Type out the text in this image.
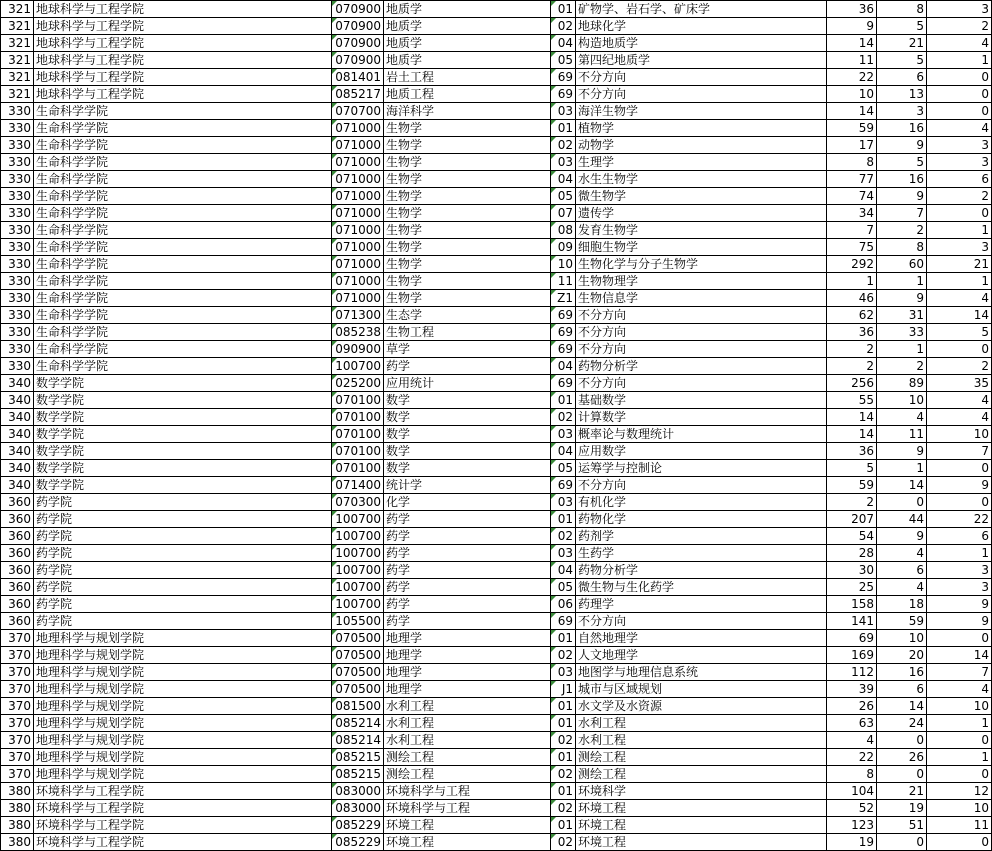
321	地球科学与工程学院	070900	地质学	01	矿物学、岩石学、矿床学	36	8	3
321	地球科学与工程学院	070900	地质学	02	地球化学	9	5	2
321	地球科学与工程学院	070900	地质学	04	构造地质学	14	21	4
321	地球科学与工程学院	070900	地质学	05	第四纪地质学	11	5	1
321	地球科学与工程学院	081401	岩土工程	69	不分方向	22	6	0
321	地球科学与工程学院	085217	地质工程	69	不分方向	10	13	0
330	生命科学学院	070700	海洋科学	03	海洋生物学	14	3	0
330	生命科学学院	071000	生物学	01	植物学	59	16	4
330	生命科学学院	071000	生物学	02	动物学	17	9	3
330	生命科学学院	071000	生物学	03	生理学	8	5	3
330	生命科学学院	071000	生物学	04	水生生物学	77	16	6
330	生命科学学院	071000	生物学	05	微生物学	74	9	2
330	生命科学学院	071000	生物学	07	遗传学	34	7	0
330	生命科学学院	071000	生物学	08	发育生物学	7	2	1
330	生命科学学院	071000	生物学	09	细胞生物学	75	8	3
330	生命科学学院	071000	生物学	10	生物化学与分子生物学	292	60	21
330	生命科学学院	071000	生物学	11	生物物理学	1	1	1
330	生命科学学院	071000	生物学	Z1	生物信息学	46	9	4
330	生命科学学院	071300	生态学	69	不分方向	62	31	14
330	生命科学学院	085238	生物工程	69	不分方向	36	33	5
330	生命科学学院	090900	草学	69	不分方向	2	1	0
330	生命科学学院	100700	药学	04	药物分析学	2	2	2
340	数学学院	025200	应用统计	69	不分方向	256	89	35
340	数学学院	070100	数学	01	基础数学	55	10	4
340	数学学院	070100	数学	02	计算数学	14	4	4
340	数学学院	070100	数学	03	概率论与数理统计	14	11	10
340	数学学院	070100	数学	04	应用数学	36	9	7
340	数学学院	070100	数学	05	运筹学与控制论	5	1	0
340	数学学院	071400	统计学	69	不分方向	59	14	9
360	药学院	070300	化学	03	有机化学	2	0	0
360	药学院	100700	药学	01	药物化学	207	44	22
360	药学院	100700	药学	02	药剂学	54	9	6
360	药学院	100700	药学	03	生药学	28	4	1
360	药学院	100700	药学	04	药物分析学	30	6	3
360	药学院	100700	药学	05	微生物与生化药学	25	4	3
360	药学院	100700	药学	06	药理学	158	18	9
360	药学院	105500	药学	69	不分方向	141	59	9
370	地理科学与规划学院	070500	地理学	01	自然地理学	69	10	0
370	地理科学与规划学院	070500	地理学	02	人文地理学	169	20	14
370	地理科学与规划学院	070500	地理学	03	地图学与地理信息系统	112	16	7
370	地理科学与规划学院	070500	地理学	J1	城市与区域规划	39	6	4
370	地理科学与规划学院	081500	水利工程	01	水文学及水资源	26	14	10
370	地理科学与规划学院	085214	水利工程	01	水利工程	63	24	1
370	地理科学与规划学院	085214	水利工程	02	水利工程	4	0	0
370	地理科学与规划学院	085215	测绘工程	01	测绘工程	22	26	1
370	地理科学与规划学院	085215	测绘工程	02	测绘工程	8	0	0
380	环境科学与工程学院	083000	环境科学与工程	01	环境科学	104	21	12
380	环境科学与工程学院	083000	环境科学与工程	02	环境工程	52	19	10
380	环境科学与工程学院	085229	环境工程	01	环境工程	123	51	11
380	环境科学与工程学院	085229	环境工程	02	环境工程	19	0	0
